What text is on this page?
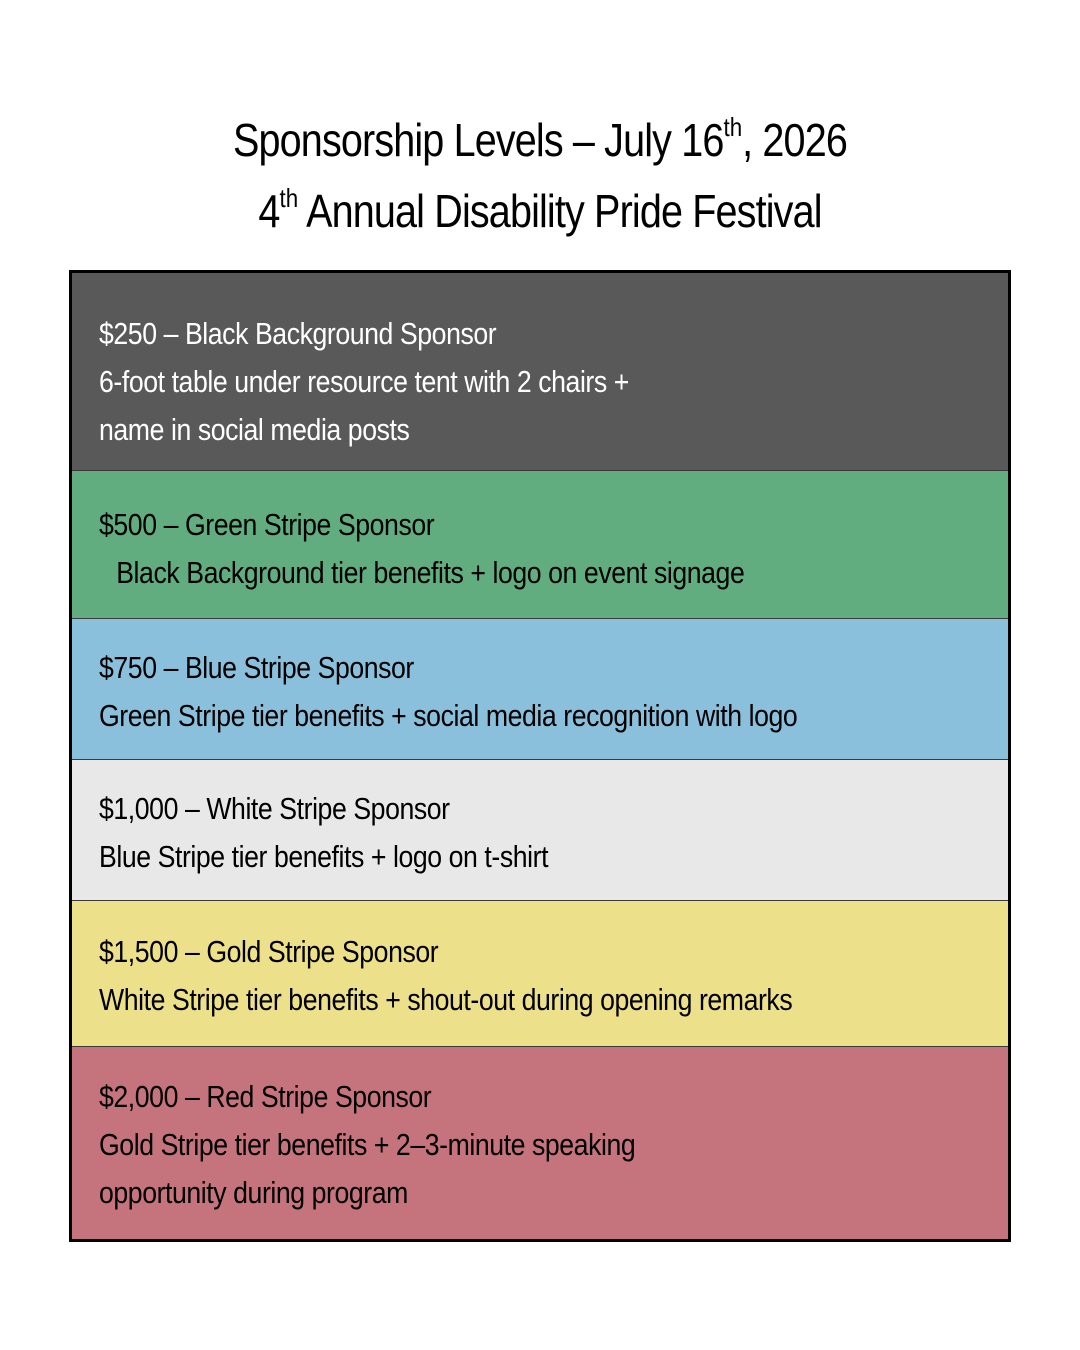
Sponsorship Levels – July 16th, 2026
4th Annual Disability Pride Festival
$250 – Black Background Sponsor
6-foot table under resource tent with 2 chairs +
name in social media posts
$500 – Green Stripe Sponsor
Black Background tier benefits + logo on event signage
$750 – Blue Stripe Sponsor
Green Stripe tier benefits + social media recognition with logo
$1,000 – White Stripe Sponsor
Blue Stripe tier benefits + logo on t-shirt
$1,500 – Gold Stripe Sponsor
White Stripe tier benefits + shout-out during opening remarks
$2,000 – Red Stripe Sponsor
Gold Stripe tier benefits + 2–3-minute speaking
opportunity during program
